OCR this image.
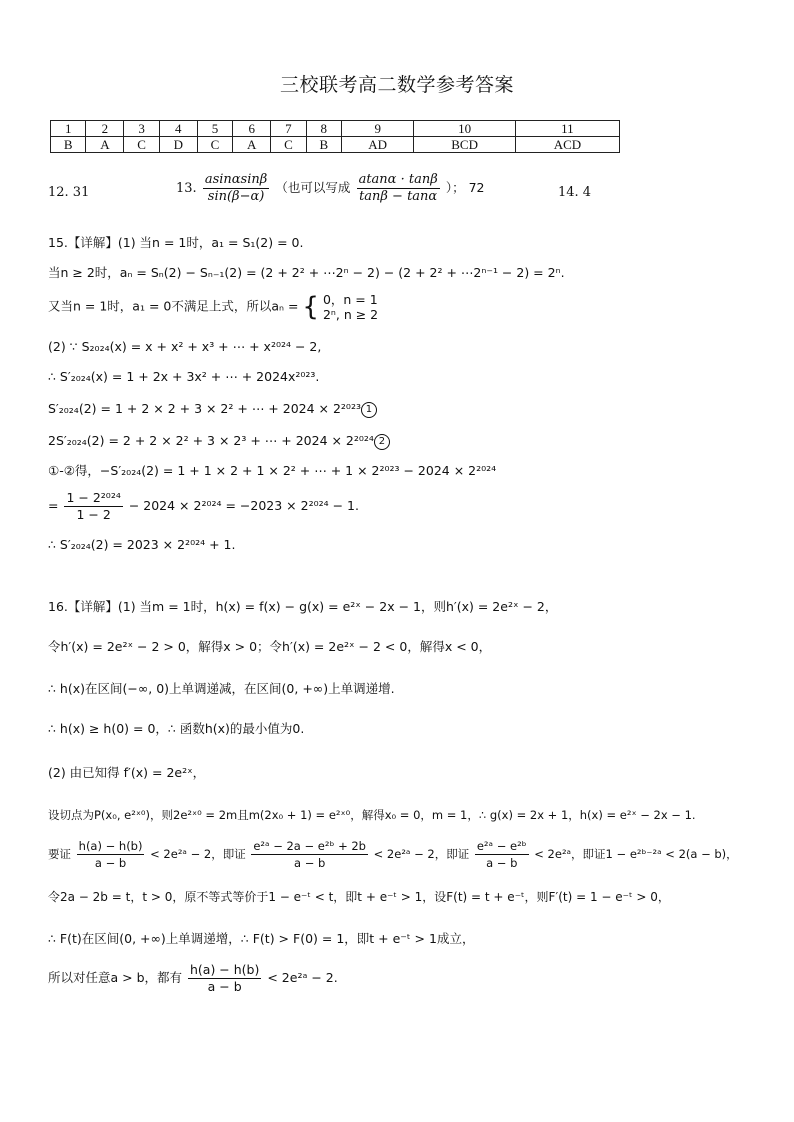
三校联考高二数学参考答案
1	2	3	4	5	6	7	8	9	10	11
B	A	C	D	C	A	C	B	AD	BCD	ACD
12. 31	13. $\frac{asin\alpha\sin\beta}{\sin(\beta-\alpha)}$ （也可以写成 $\frac{atan\alpha \cdot \tan\beta}{\tan\beta - \tan\alpha}$ ）； 72	14. 4
15.【详解】(1) 当n = 1时，a₁ = S₁(2) = 0.
当n ≥ 2时，aₙ = Sₙ(2) − Sₙ₋₁(2) = (2 + 2² + ⋯2ⁿ − 2) − (2 + 2² + ⋯2ⁿ⁻¹ − 2) = 2ⁿ.
又当n = 1时，a₁ = 0不满足上式，所以aₙ = { 0，n = 1
2ⁿ, n ≥ 2
(2) ∵ S₂₀₂₄(x) = x + x² + x³ + ⋯ + x²⁰²⁴ − 2,
∴ S′₂₀₂₄(x) = 1 + 2x + 3x² + ⋯ + 2024x²⁰²³.
S′₂₀₂₄(2) = 1 + 2 × 2 + 3 × 2² + ⋯ + 2024 × 2²⁰²³ 1
2S′₂₀₂₄(2) = 2 + 2 × 2² + 3 × 2³ + ⋯ + 2024 × 2²⁰²⁴ 2
①-②得，−S′₂₀₂₄(2) = 1 + 1 × 2 + 1 × 2² + ⋯ + 1 × 2²⁰²³ − 2024 × 2²⁰²⁴
= $\frac{\text{1 − 2²⁰²⁴}}{1 - 2} - 2024 \times 2^{2024} = -2023 \times 2^{2024} - 1$.
∴ S′₂₀₂₄(2) = 2023 × 2²⁰²⁴ + 1.
16.【详解】(1) 当m = 1时，h(x) = f(x) − g(x) = e²ˣ − 2x − 1，则h′(x) = 2e²ˣ − 2，
令h′(x) = 2e²ˣ − 2 > 0，解得x > 0；令h′(x) = 2e²ˣ − 2 < 0，解得x < 0，
∴ h(x)在区间(−∞, 0)上单调递减，在区间(0, +∞)上单调递增.
∴ h(x) ≥ h(0) = 0，∴ 函数h(x)的最小值为0.
(2) 由已知得 f′(x) = 2e²ˣ，
设切点为P(x₀, e²ˣ⁰)，则2e²ˣ⁰ = 2m且m(2x₀ + 1) = e²ˣ⁰，解得x₀ = 0，m = 1，∴ g(x) = 2x + 1，h(x) = e²ˣ − 2x − 1.
要证 $\frac{h(a) - h(b)}{a - b}$ < 2e²ᵃ − 2，即证 $\frac{\text{e²ᵃ − 2a − e²ᵇ + 2b}}{a - b}$ < 2e²ᵃ − 2，即证 $\frac{\text{e²ᵃ − e²ᵇ}}{a - b}$ < 2e²ᵃ，即证1 − e²ᵇ⁻²ᵃ < 2(a − b)，
令2a − 2b = t，t > 0，原不等式等价于1 − e⁻ᵗ < t，即t + e⁻ᵗ > 1，设F(t) = t + e⁻ᵗ，则F′(t) = 1 − e⁻ᵗ > 0，
∴ F(t)在区间(0, +∞)上单调递增，∴ F(t) > F(0) = 1，即t + e⁻ᵗ > 1成立，
所以对任意a > b，都有 $\frac{h(a) - h(b)}{a - b}$ < 2e²ᵃ − 2.
